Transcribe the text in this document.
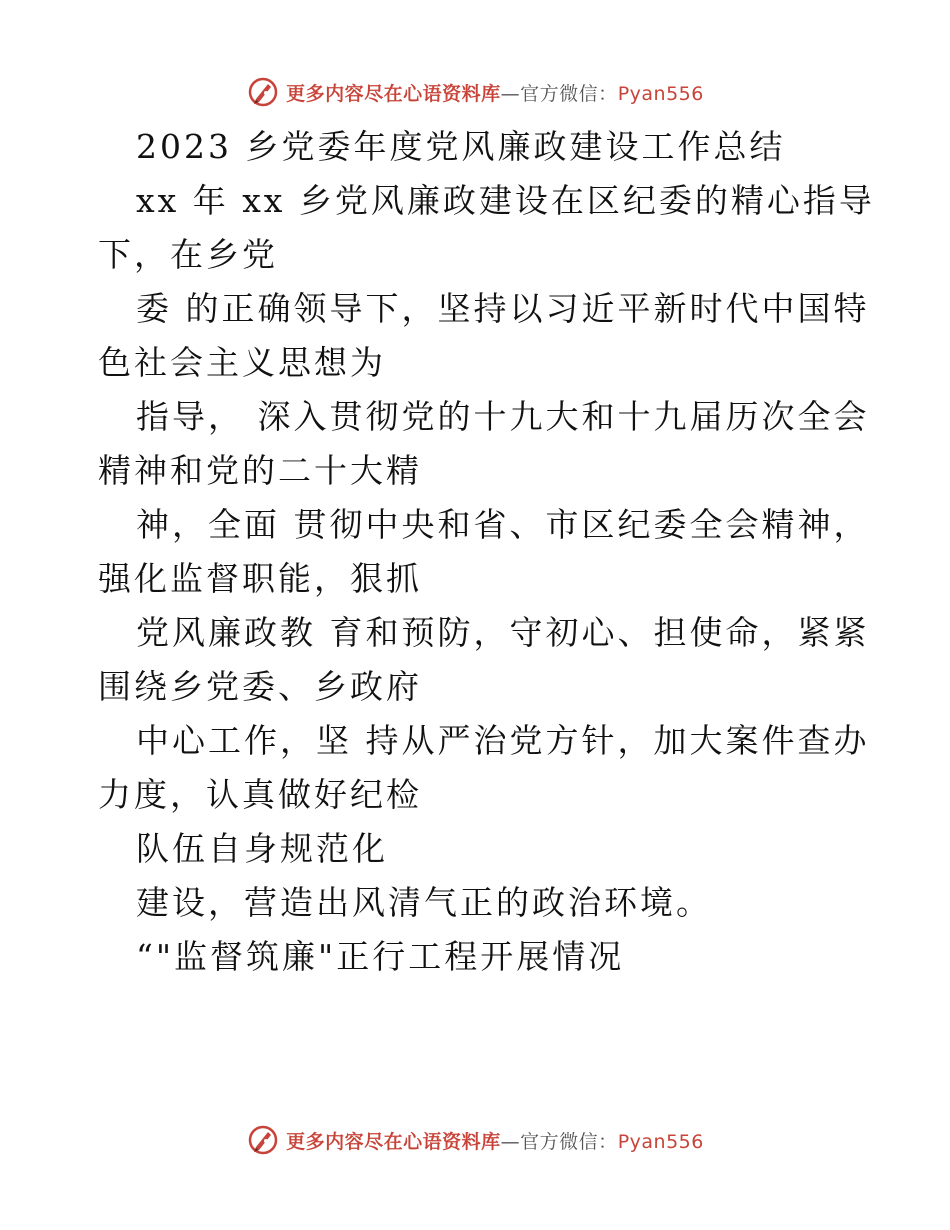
更多内容尽在心语资料库—官方微信：Pyan556
2023 乡党委年度党风廉政建设工作总结
xx 年 xx 乡党风廉政建设在区纪委的精心指导
下，在乡党
委 的正确领导下，坚持以习近平新时代中国特
色社会主义思想为
指导， 深入贯彻党的十九大和十九届历次全会
精神和党的二十大精
神，全面 贯彻中央和省、市区纪委全会精神，
强化监督职能，狠抓
党风廉政教 育和预防，守初心、担使命，紧紧
围绕乡党委、乡政府
中心工作，坚 持从严治党方针，加大案件查办
力度，认真做好纪检
队伍自身规范化
建设，营造出风清气正的政治环境。
“"监督筑廉"正行工程开展情况
更多内容尽在心语资料库—官方微信：Pyan556
